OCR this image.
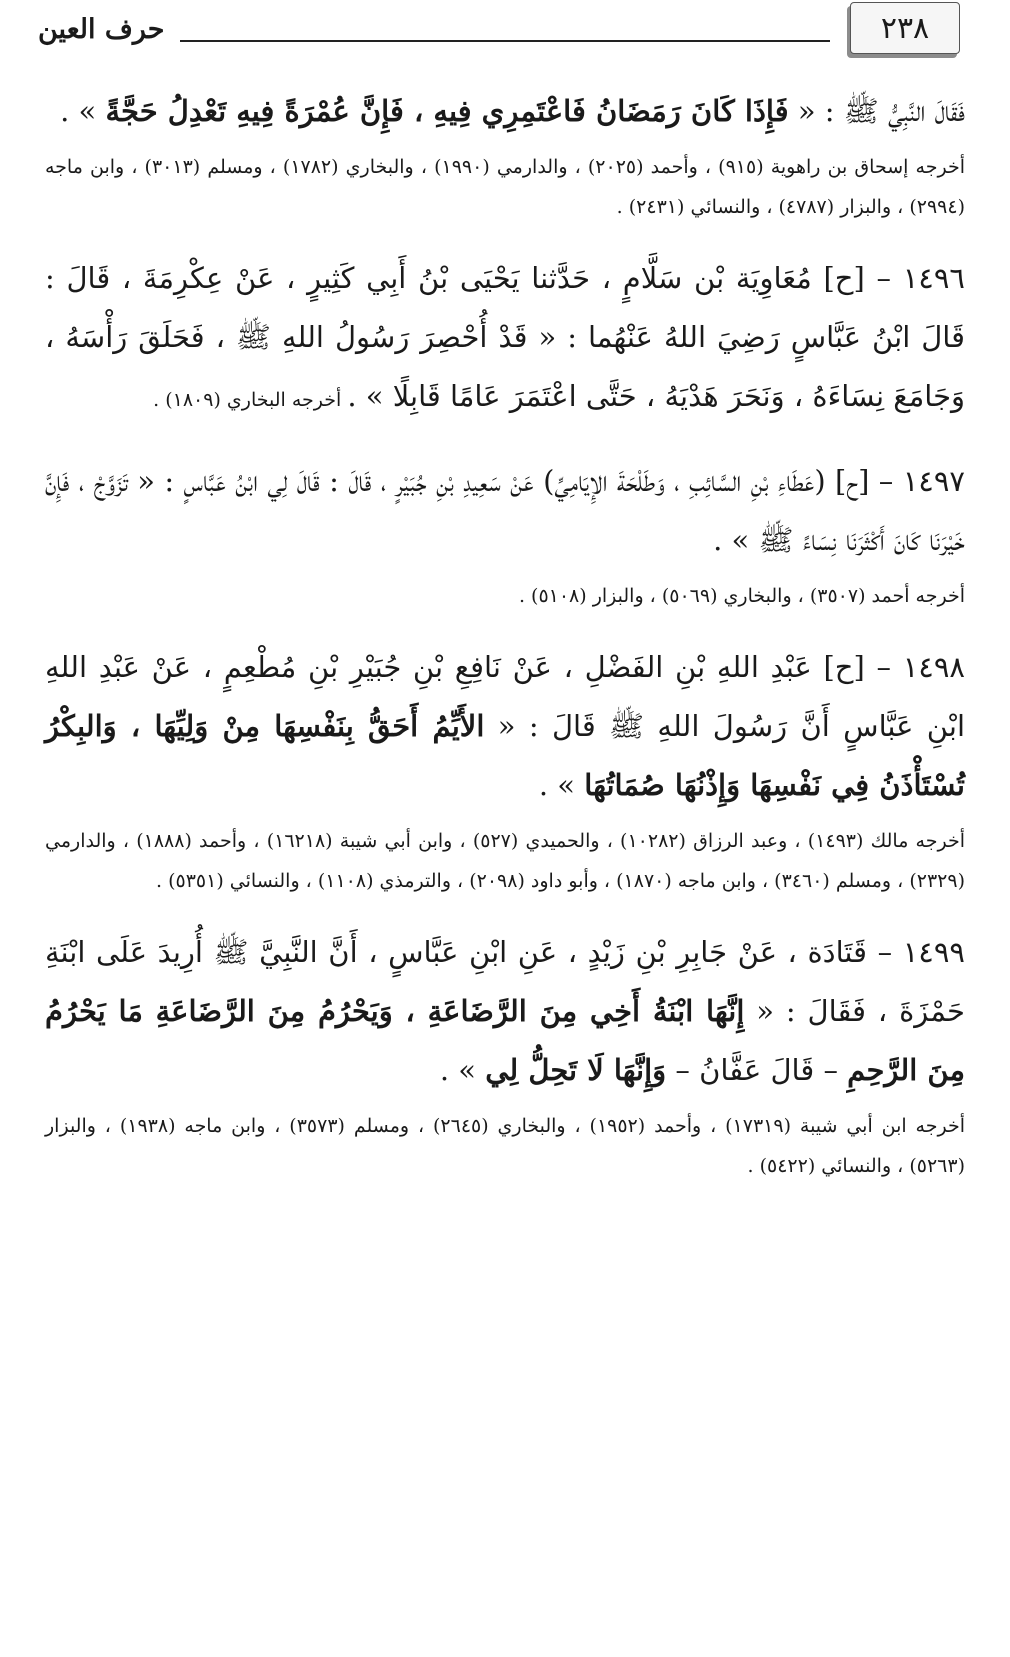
٢٣٨
حرف العين

فَقَالَ النَّبِيُّ ﷺ : « فَإِذَا كَانَ رَمَضَانُ فَاعْتَمِرِي فِيهِ ، فَإِنَّ عُمْرَةً فِيهِ تَعْدِلُ حَجَّةً » .

أخرجه إسحاق بن راهوية (٩١٥) ، وأحمد (٢٠٢٥) ، والدارمي (١٩٩٠) ، والبخاري (١٧٨٢) ، ومسلم (٣٠١٣) ، وابن ماجه (٢٩٩٤) ، والبزار (٤٧٨٧) ، والنسائي (٢٤٣١) .

١٤٩٦ – [ح] مُعَاوِيَة بْن سَلَّامٍ ، حَدَّثنا يَحْيَى بْنُ أَبِي كَثِيرٍ ، عَنْ عِكْرِمَةَ ، قَالَ : قَالَ ابْنُ عَبَّاسٍ رَضِيَ اللهُ عَنْهُما : « قَدْ أُحْصِرَ رَسُولُ اللهِ ﷺ ، فَحَلَقَ رَأْسَهُ ، وَجَامَعَ نِسَاءَهُ ، وَنَحَرَ هَدْيَهُ ، حَتَّى اعْتَمَرَ عَامًا قَابِلًا » . أخرجه البخاري (١٨٠٩) .

١٤٩٧ – [ح] (عَطَاءِ بْنِ السَّائِبِ ، وَطَلْحَةَ الإِيَامِيِّ) عَنْ سَعِيدِ بْنِ جُبَيْرٍ ، قَالَ : قَالَ لِي ابْنُ عَبَّاسٍ : « تَزَوَّجْ ، فَإِنَّ خَيْرَنَا كَانَ أَكْثَرَنَا نِسَاءً ﷺ » .

أخرجه أحمد (٣٥٠٧) ، والبخاري (٥٠٦٩) ، والبزار (٥١٠٨) .

١٤٩٨ – [ح] عَبْدِ اللهِ بْنِ الفَضْلِ ، عَنْ نَافِعِ بْنِ جُبَيْرِ بْنِ مُطْعِمٍ ، عَنْ عَبْدِ اللهِ ابْنِ عَبَّاسٍ أَنَّ رَسُولَ اللهِ ﷺ قَالَ : « الأَيِّمُ أَحَقُّ بِنَفْسِهَا مِنْ وَلِيِّهَا ، وَالبِكْرُ تُسْتَأْذَنُ فِي نَفْسِهَا وَإِذْنُهَا صُمَاتُهَا » .

أخرجه مالك (١٤٩٣) ، وعبد الرزاق (١٠٢٨٢) ، والحميدي (٥٢٧) ، وابن أبي شيبة (١٦٢١٨) ، وأحمد (١٨٨٨) ، والدارمي (٢٣٢٩) ، ومسلم (٣٤٦٠) ، وابن ماجه (١٨٧٠) ، وأبو داود (٢٠٩٨) ، والترمذي (١١٠٨) ، والنسائي (٥٣٥١) .

١٤٩٩ – قَتَادَة ، عَنْ جَابِرِ بْنِ زَيْدٍ ، عَنِ ابْنِ عَبَّاسٍ ، أَنَّ النَّبِيَّ ﷺ أُرِيدَ عَلَى ابْنَةِ حَمْزَةَ ، فَقَالَ : « إِنَّهَا ابْنَةُ أَخِي مِنَ الرَّضَاعَةِ ، وَيَحْرُمُ مِنَ الرَّضَاعَةِ مَا يَحْرُمُ مِنَ الرَّحِمِ – قَالَ عَفَّانُ – وَإِنَّهَا لَا تَحِلُّ لِي » .

أخرجه ابن أبي شيبة (١٧٣١٩) ، وأحمد (١٩٥٢) ، والبخاري (٢٦٤٥) ، ومسلم (٣٥٧٣) ، وابن ماجه (١٩٣٨) ، والبزار (٥٢٦٣) ، والنسائي (٥٤٢٢) .
